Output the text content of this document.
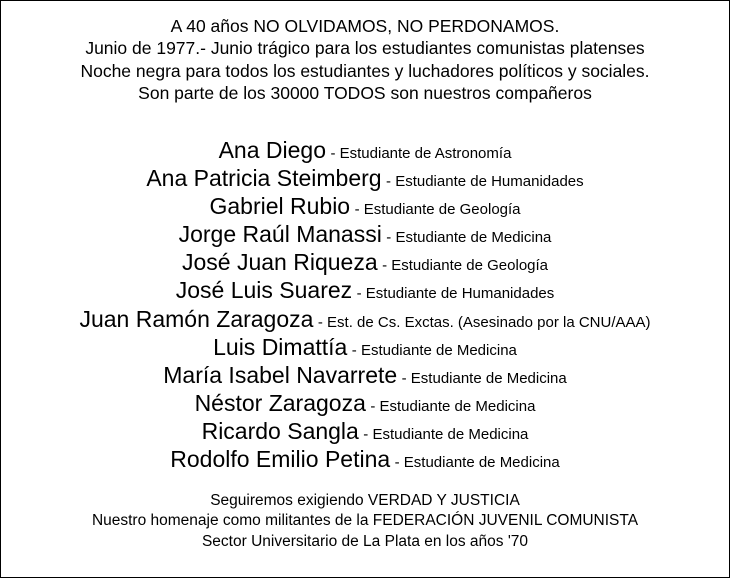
A 40 años NO OLVIDAMOS, NO PERDONAMOS.
Junio de 1977.- Junio trágico para los estudiantes comunistas platenses
Noche negra para todos los estudiantes y luchadores políticos y sociales.
Son parte de los 30000 TODOS son nuestros compañeros
Ana Diego - Estudiante de Astronomía
Ana Patricia Steimberg - Estudiante de Humanidades
Gabriel Rubio - Estudiante de Geología
Jorge Raúl Manassi - Estudiante de Medicina
José Juan Riqueza - Estudiante de Geología
José Luis Suarez - Estudiante de Humanidades
Juan Ramón Zaragoza - Est. de Cs. Exctas. (Asesinado por la CNU/AAA)
Luis Dimattía - Estudiante de Medicina
María Isabel Navarrete - Estudiante de Medicina
Néstor Zaragoza - Estudiante de Medicina
Ricardo Sangla - Estudiante de Medicina
Rodolfo Emilio Petina - Estudiante de Medicina
Seguiremos exigiendo VERDAD Y JUSTICIA
Nuestro homenaje como militantes de la FEDERACIÓN JUVENIL COMUNISTA
Sector Universitario de La Plata en los años '70
